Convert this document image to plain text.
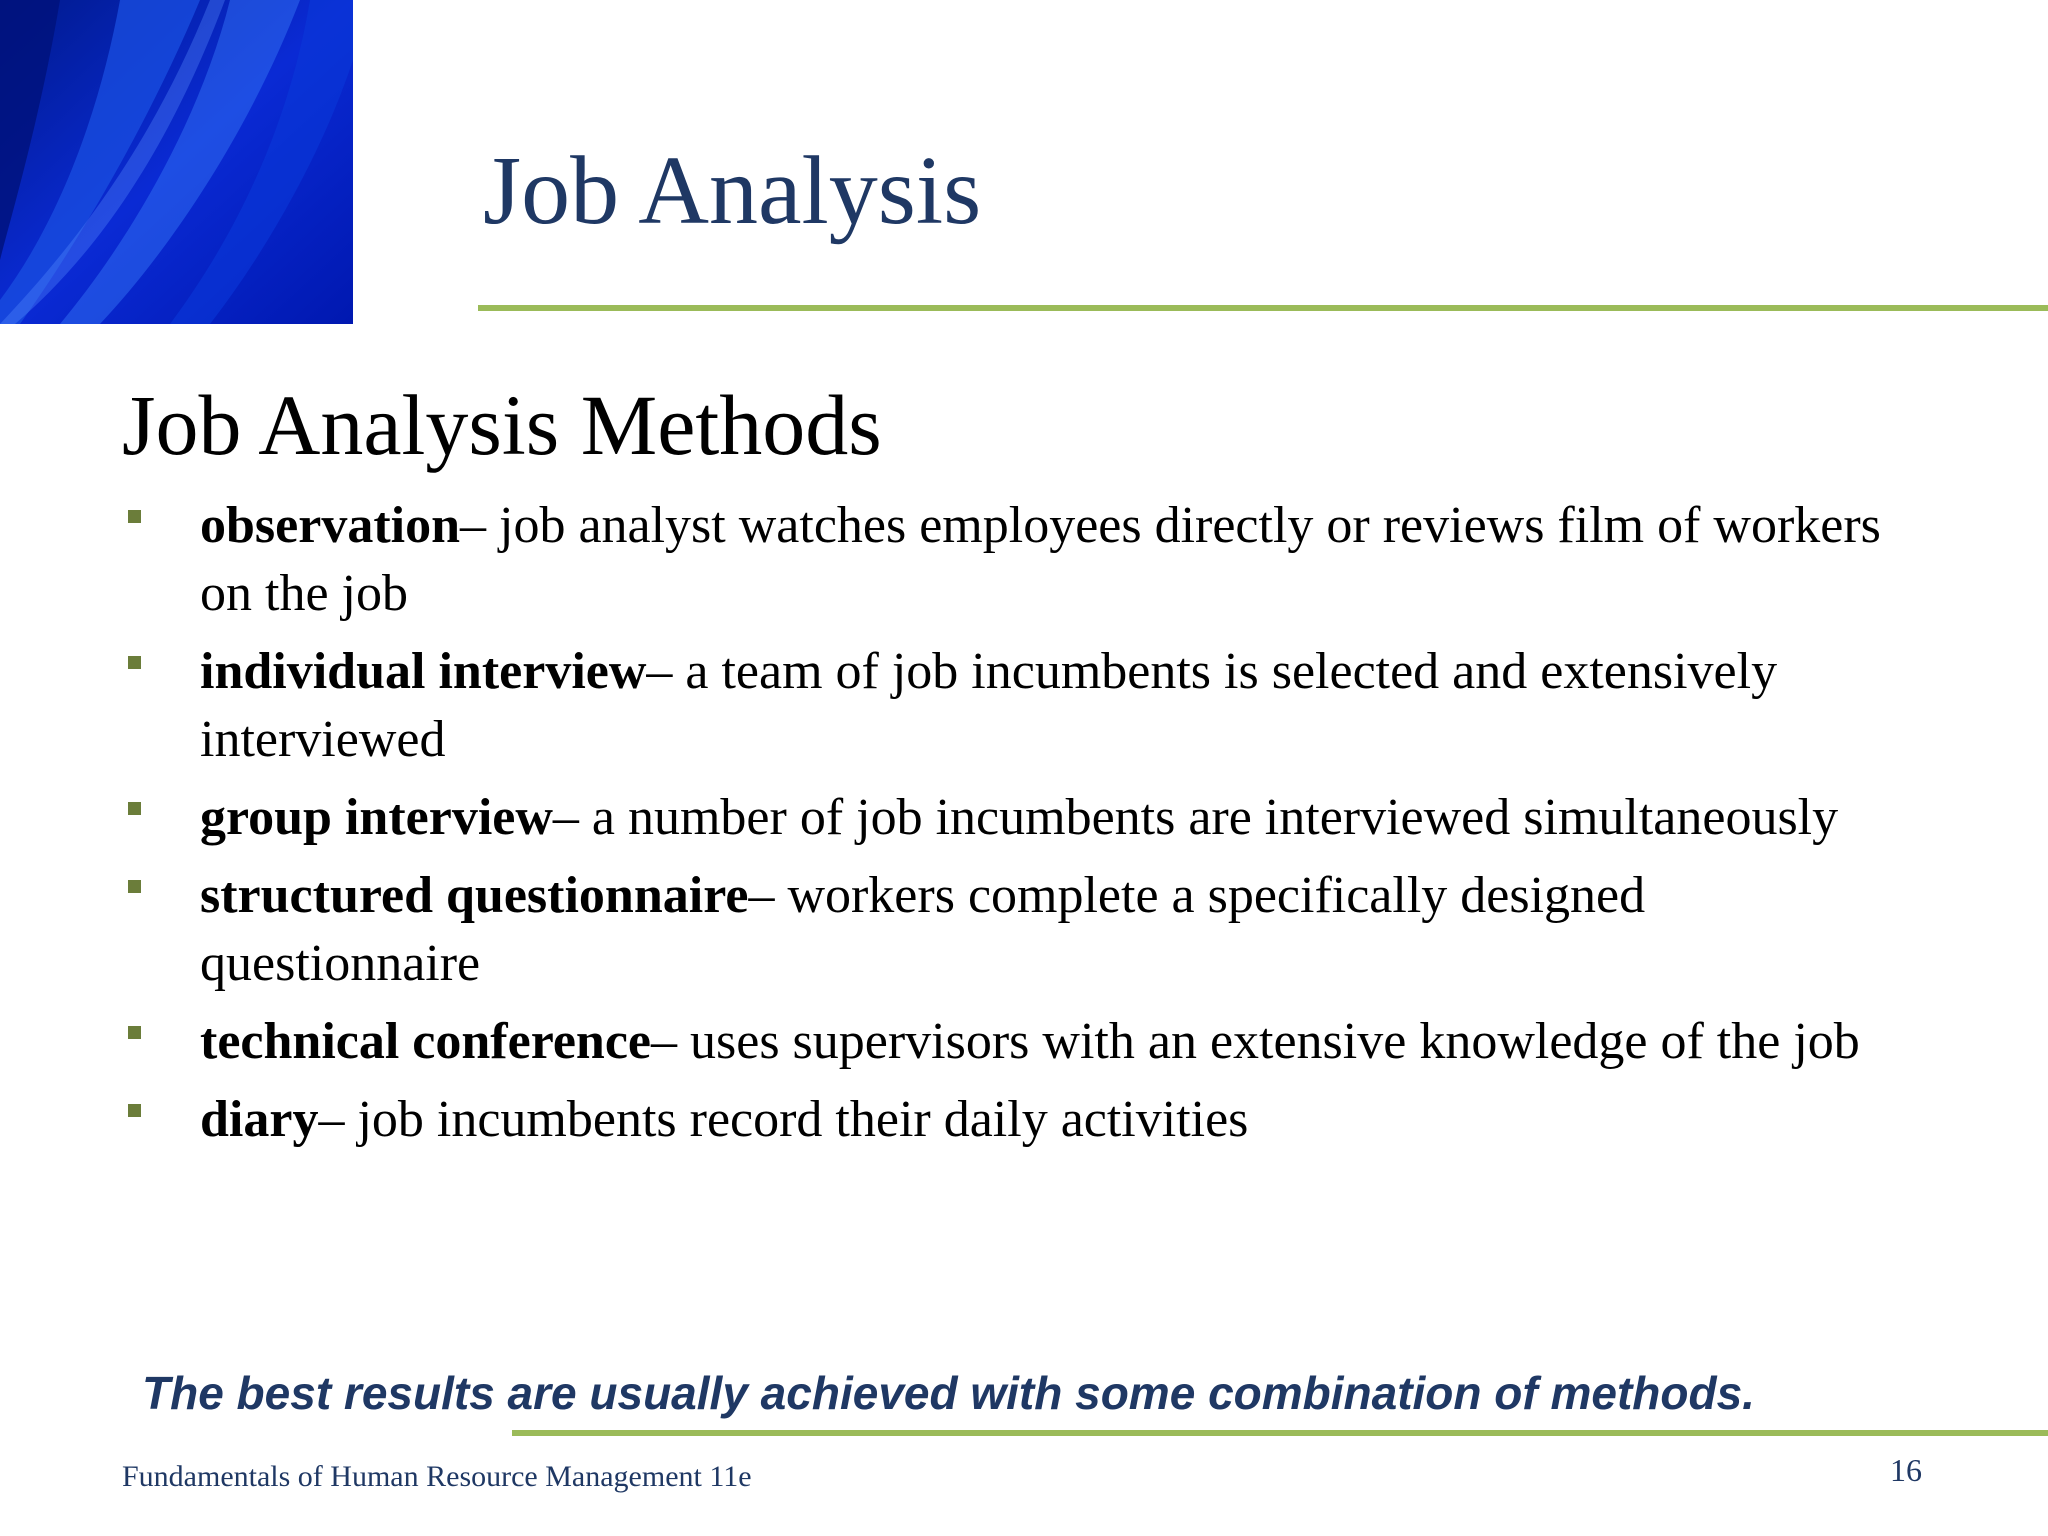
Job Analysis
Job Analysis Methods
observation– job analyst watches employees directly or reviews film of workers on the job
individual interview– a team of job incumbents is selected and extensively interviewed
group interview– a number of job incumbents are interviewed simultaneously
structured questionnaire– workers complete a specifically designed questionnaire
technical conference– uses supervisors with an extensive knowledge of the job
diary– job incumbents record their daily activities

The best results are usually achieved with some combination of methods.

Fundamentals of Human Resource Management 11e	16
